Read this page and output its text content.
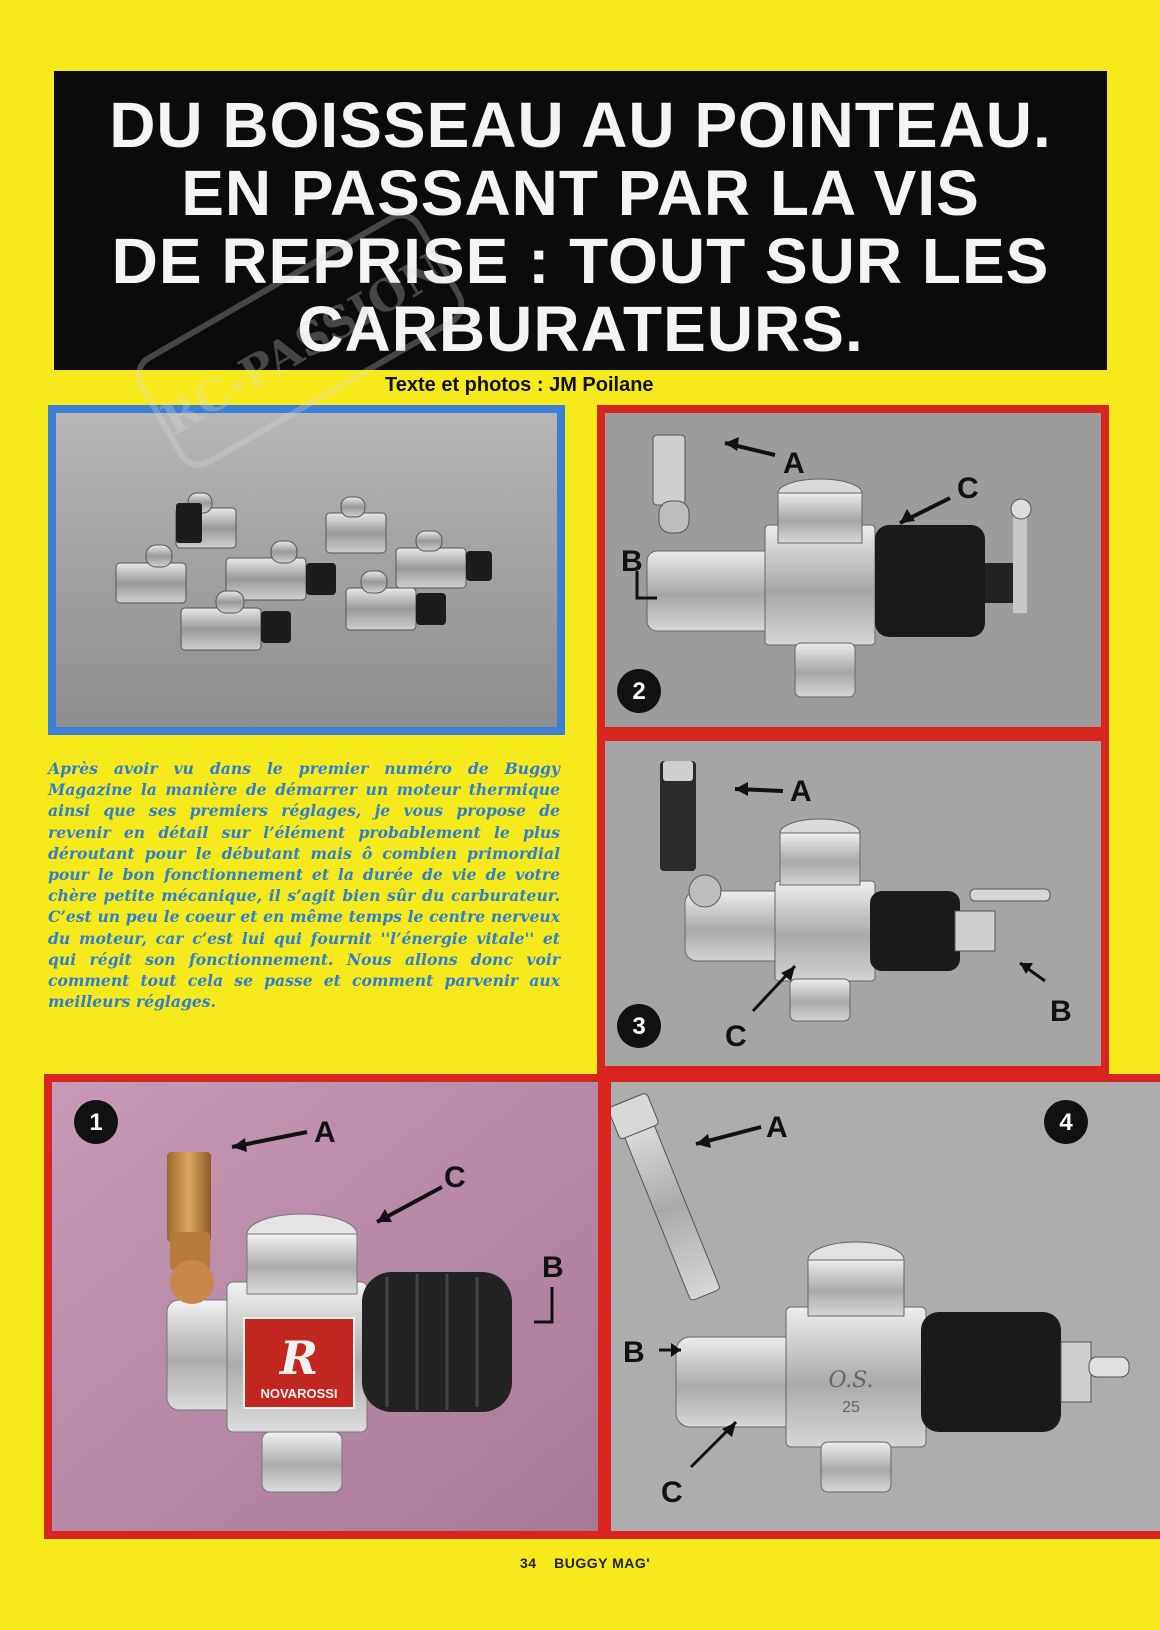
DU BOISSEAU AU POINTEAU.
EN PASSANT PAR LA VIS
DE REPRISE : TOUT SUR LES
CARBURATEURS.
Texte et photos : JM Poilane
A
C
B
2
A
B
C
3
Après avoir vu dans le premier numéro de Buggy Magazine la manière de démarrer un moteur thermique ainsi que ses premiers réglages, je vous propose de revenir en détail sur l’élément probablement le plus déroutant pour le débutant mais ô combien primordial pour le bon fonctionnement et la durée de vie de votre chère petite mécanique, il s’agit bien sûr du carburateur. C’est un peu le coeur et en même temps le centre nerveux du moteur, car c’est lui qui fournit ''l’énergie vitale'' et qui régit son fonctionnement. Nous allons donc voir comment tout cela se passe et comment parvenir aux meilleurs réglages.
R
NOVAROSSI
A
C
B
1
O.S.
25
A
B
C
4
RC-PASSION
34 BUGGY MAG'
